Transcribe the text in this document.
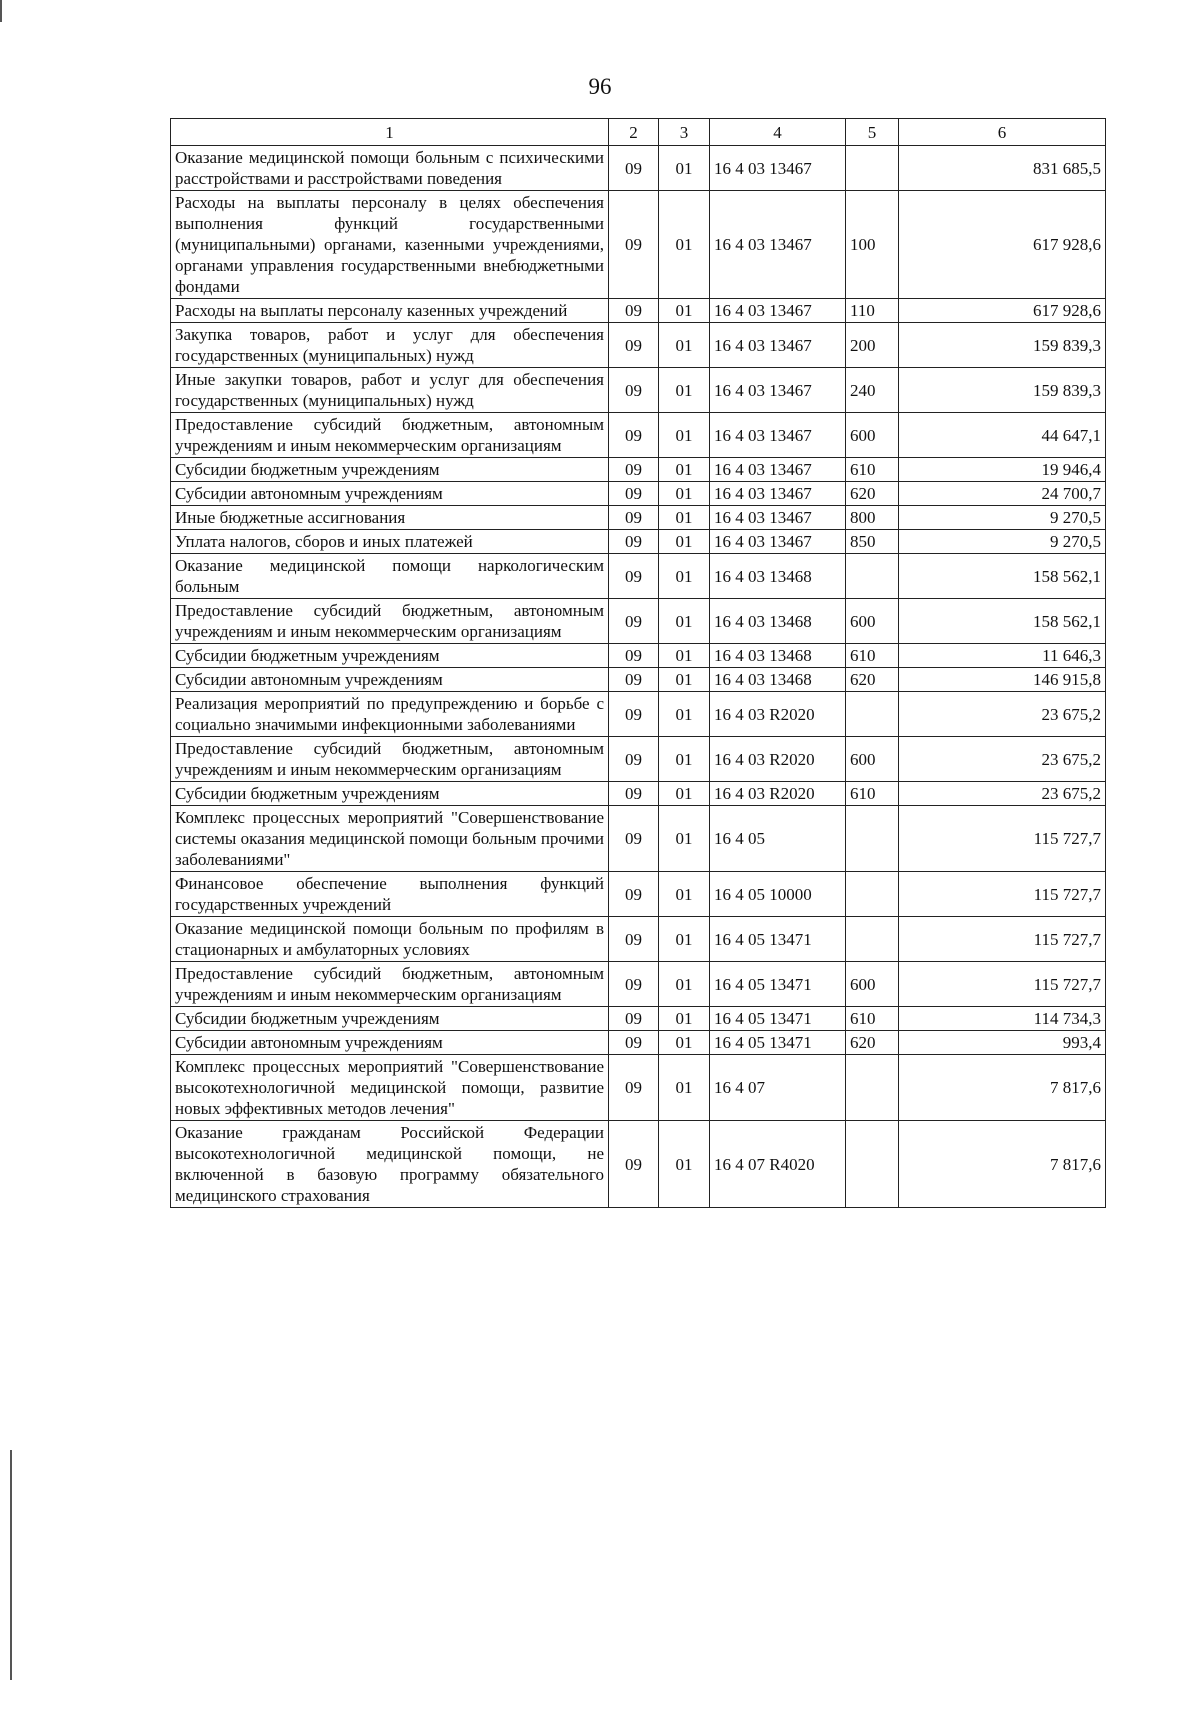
96
1	2	3	4	5	6
Оказание медицинской помощи больным с психическими расстройствами и расстройствами поведения	09	01	16 4 03 13467		831 685,5
Расходы на выплаты персоналу в целях обеспечения выполнения функций государственными (муниципальными) органами, казенными учреждениями, органами управления государственными внебюджетными фондами	09	01	16 4 03 13467	100	617 928,6
Расходы на выплаты персоналу казенных учреждений	09	01	16 4 03 13467	110	617 928,6
Закупка товаров, работ и услуг для обеспечения государственных (муниципальных) нужд	09	01	16 4 03 13467	200	159 839,3
Иные закупки товаров, работ и услуг для обеспечения государственных (муниципальных) нужд	09	01	16 4 03 13467	240	159 839,3
Предоставление субсидий бюджетным, автономным учреждениям и иным некоммерческим организациям	09	01	16 4 03 13467	600	44 647,1
Субсидии бюджетным учреждениям	09	01	16 4 03 13467	610	19 946,4
Субсидии автономным учреждениям	09	01	16 4 03 13467	620	24 700,7
Иные бюджетные ассигнования	09	01	16 4 03 13467	800	9 270,5
Уплата налогов, сборов и иных платежей	09	01	16 4 03 13467	850	9 270,5
Оказание медицинской помощи наркологическим больным	09	01	16 4 03 13468		158 562,1
Предоставление субсидий бюджетным, автономным учреждениям и иным некоммерческим организациям	09	01	16 4 03 13468	600	158 562,1
Субсидии бюджетным учреждениям	09	01	16 4 03 13468	610	11 646,3
Субсидии автономным учреждениям	09	01	16 4 03 13468	620	146 915,8
Реализация мероприятий по предупреждению и борьбе с социально значимыми инфекционными заболеваниями	09	01	16 4 03 R2020		23 675,2
Предоставление субсидий бюджетным, автономным учреждениям и иным некоммерческим организациям	09	01	16 4 03 R2020	600	23 675,2
Субсидии бюджетным учреждениям	09	01	16 4 03 R2020	610	23 675,2
Комплекс процессных мероприятий "Совершенствование системы оказания медицинской помощи больным прочими заболеваниями"	09	01	16 4 05		115 727,7
Финансовое обеспечение выполнения функций государственных учреждений	09	01	16 4 05 10000		115 727,7
Оказание медицинской помощи больным по профилям в стационарных и амбулаторных условиях	09	01	16 4 05 13471		115 727,7
Предоставление субсидий бюджетным, автономным учреждениям и иным некоммерческим организациям	09	01	16 4 05 13471	600	115 727,7
Субсидии бюджетным учреждениям	09	01	16 4 05 13471	610	114 734,3
Субсидии автономным учреждениям	09	01	16 4 05 13471	620	993,4
Комплекс процессных мероприятий "Совершенствование высокотехнологичной медицинской помощи, развитие новых эффективных методов лечения"	09	01	16 4 07		7 817,6
Оказание гражданам Российской Федерации высокотехнологичной медицинской помощи, не включенной в базовую программу обязательного медицинского страхования	09	01	16 4 07 R4020		7 817,6
